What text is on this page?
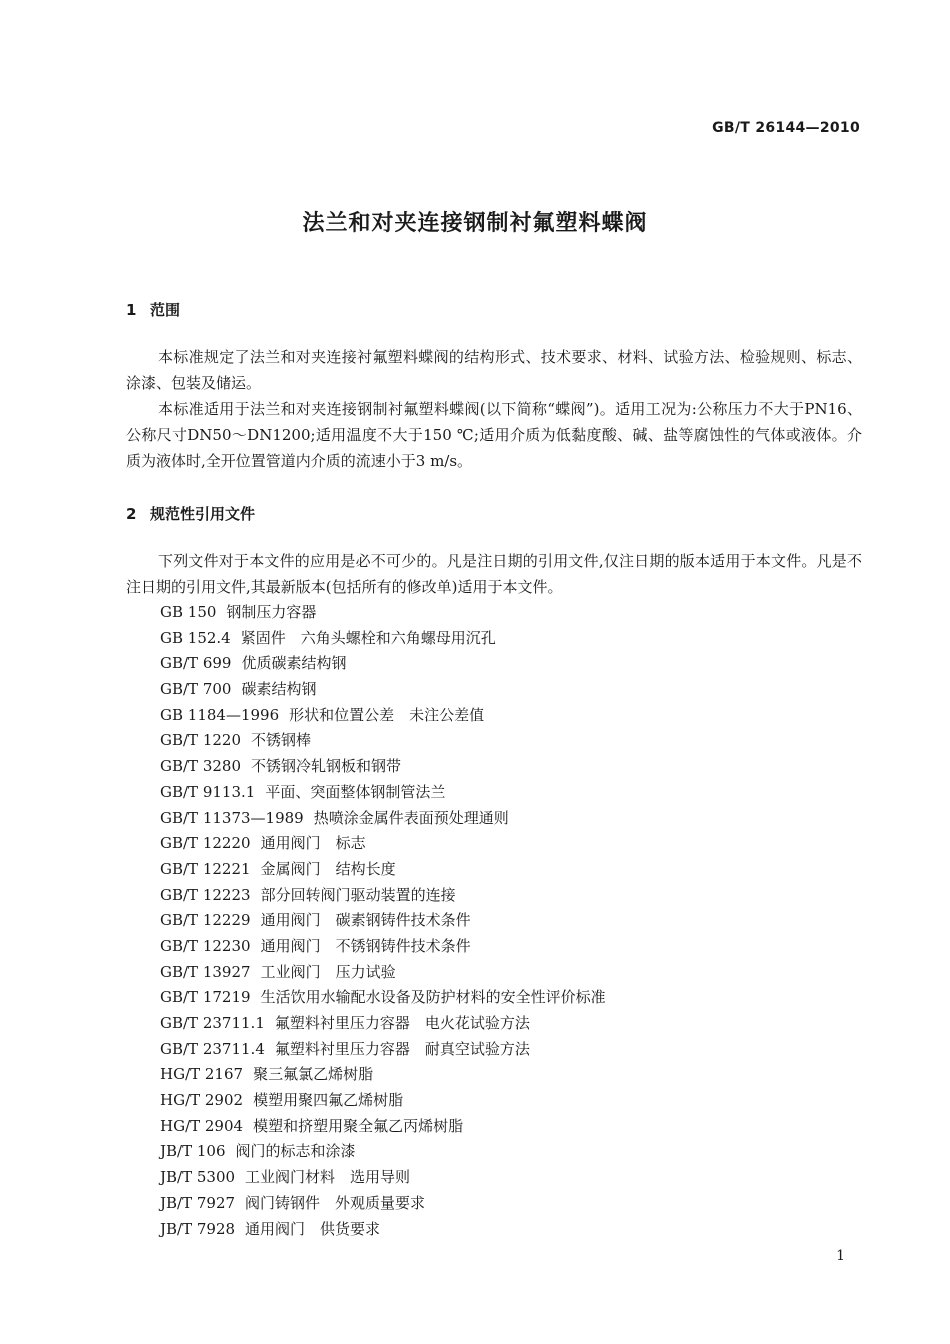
GB/T 26144—2010
法兰和对夹连接钢制衬氟塑料蝶阀
1 范围
本标准规定了法兰和对夹连接衬氟塑料蝶阀的结构形式、技术要求、材料、试验方法、检验规则、标志、涂漆、包装及储运。
本标准适用于法兰和对夹连接钢制衬氟塑料蝶阀(以下简称“蝶阀”)。适用工况为:公称压力不大于PN16、公称尺寸DN50～DN1200;适用温度不大于150 ℃;适用介质为低黏度酸、碱、盐等腐蚀性的气体或液体。介质为液体时,全开位置管道内介质的流速小于3 m/s。
2 规范性引用文件
下列文件对于本文件的应用是必不可少的。凡是注日期的引用文件,仅注日期的版本适用于本文件。凡是不注日期的引用文件,其最新版本(包括所有的修改单)适用于本文件。
GB 150 钢制压力容器
GB 152.4 紧固件　六角头螺栓和六角螺母用沉孔
GB/T 699 优质碳素结构钢
GB/T 700 碳素结构钢
GB 1184—1996 形状和位置公差　未注公差值
GB/T 1220 不锈钢棒
GB/T 3280 不锈钢冷轧钢板和钢带
GB/T 9113.1 平面、突面整体钢制管法兰
GB/T 11373—1989 热喷涂金属件表面预处理通则
GB/T 12220 通用阀门　标志
GB/T 12221 金属阀门　结构长度
GB/T 12223 部分回转阀门驱动装置的连接
GB/T 12229 通用阀门　碳素钢铸件技术条件
GB/T 12230 通用阀门　不锈钢铸件技术条件
GB/T 13927 工业阀门　压力试验
GB/T 17219 生活饮用水输配水设备及防护材料的安全性评价标准
GB/T 23711.1 氟塑料衬里压力容器　电火花试验方法
GB/T 23711.4 氟塑料衬里压力容器　耐真空试验方法
HG/T 2167 聚三氟氯乙烯树脂
HG/T 2902 模塑用聚四氟乙烯树脂
HG/T 2904 模塑和挤塑用聚全氟乙丙烯树脂
JB/T 106 阀门的标志和涂漆
JB/T 5300 工业阀门材料　选用导则
JB/T 7927 阀门铸钢件　外观质量要求
JB/T 7928 通用阀门　供货要求
1
